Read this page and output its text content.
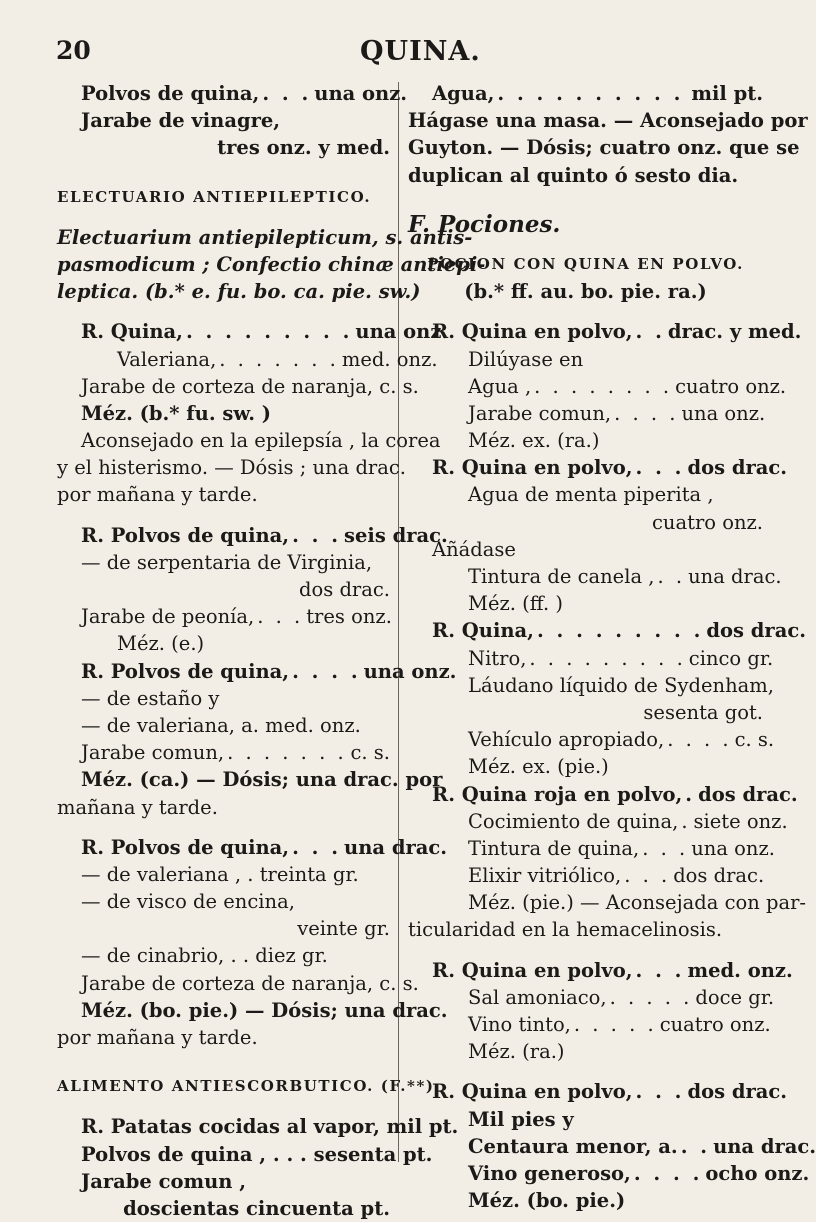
20	QUINA.
Polvos de quina, . . . una onz.
Jarabe de vinagre,
tres onz. y med.
ELECTUARIO ANTIEPILEPTICO.
Electuarium antiepilepticum, s. antis-
pasmodicum ; Confectio chinæ antiepi-
leptica. (b.* e. fu. bo. ca. pie. sw.)
R. Quina, . . . . . . . . . una onz.
Valeriana, . . . . . . . med. onz.
Jarabe de corteza de naranja, c. s.
Méz. (b.* fu. sw. )
Aconsejado en la epilepsía , la corea
y el histerismo. — Dósis ; una drac.
por mañana y tarde.
R. Polvos de quina, . . . seis drac.
— de serpentaria de Virginia,
dos drac.
Jarabe de peonía, . . . tres onz.
Méz. (e.)
R. Polvos de quina, . . . . una onz.
— de estaño y
— de valeriana, a. med. onz.
Jarabe comun, . . . . . . . c. s.
Méz. (ca.) — Dósis; una drac. por
mañana y tarde.
R. Polvos de quina, . . . una drac.
— de valeriana , . treinta gr.
— de visco de encina,
veinte gr.
— de cinabrio, . . diez gr.
Jarabe de corteza de naranja, c. s.
Méz. (bo. pie.) — Dósis; una drac.
por mañana y tarde.
ALIMENTO ANTIESCORBUTICO. (F.**)
R. Patatas cocidas al vapor, mil pt.
Polvos de quina , . . . sesenta pt.
Jarabe comun ,
doscientas cincuenta pt.
Agua, . . . . . . . . . . mil pt.
Hágase una masa. — Aconsejado por
Guyton. — Dósis; cuatro onz. que se
duplican al quinto ó sesto dia.
F. Pociones.
POCION CON QUINA EN POLVO.
(b.* ff. au. bo. pie. ra.)
R. Quina en polvo, . . drac. y med.
Dilúyase en
Agua , . . . . . . . . cuatro onz.
Jarabe comun, . . . . una onz.
Méz. ex. (ra.)
R. Quina en polvo, . . . dos drac.
Agua de menta piperita ,
cuatro onz.
Añádase
Tintura de canela , . . una drac.
Méz. (ff. )
R. Quina, . . . . . . . . . dos drac.
Nitro, . . . . . . . . . cinco gr.
Láudano líquido de Sydenham,
sesenta got.
Vehículo apropiado, . . . . c. s.
Méz. ex. (pie.)
R. Quina roja en polvo, . dos drac.
Cocimiento de quina, . siete onz.
Tintura de quina, . . . una onz.
Elixir vitriólico, . . . dos drac.
Méz. (pie.) — Aconsejada con par-
ticularidad en la hemacelinosis.
R. Quina en polvo, . . . med. onz.
Sal amoniaco, . . . . . doce gr.
Vino tinto, . . . . . cuatro onz.
Méz. (ra.)
R. Quina en polvo, . . . dos drac.
Mil pies y
Centaura menor, a. . . una drac.
Vino generoso, . . . . ocho onz.
Méz. (bo. pie.)
